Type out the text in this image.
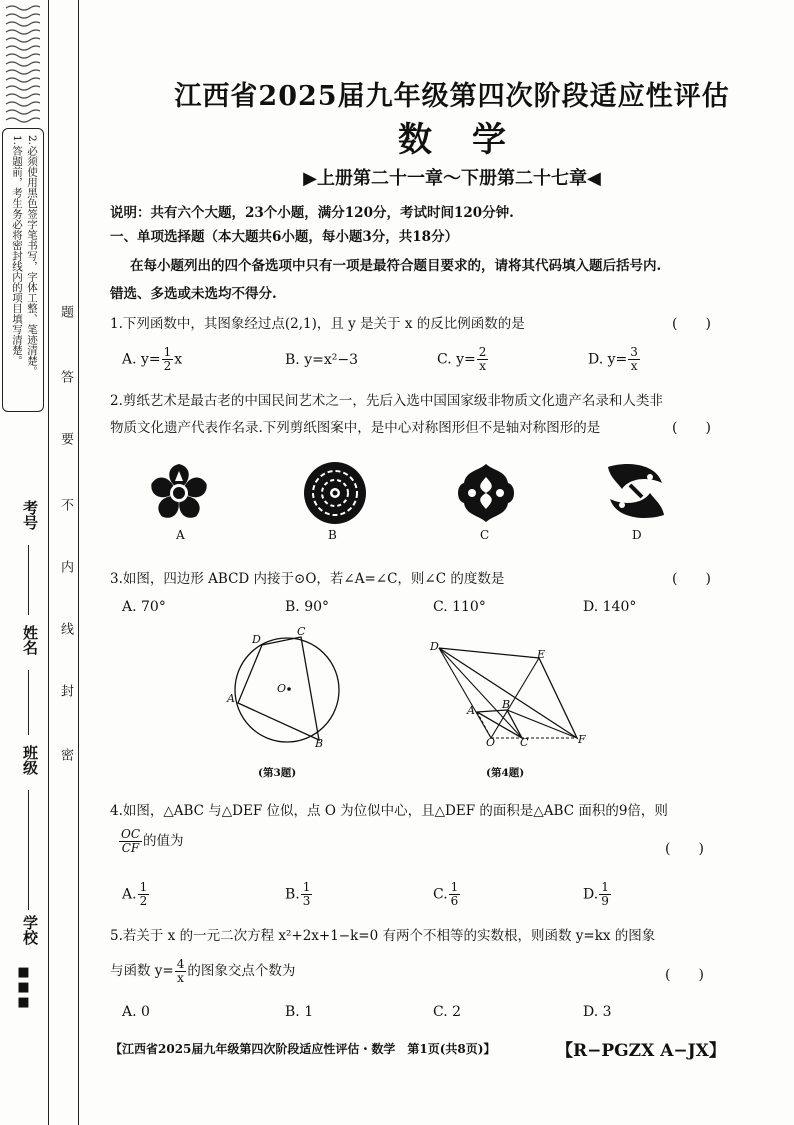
1.答题前，考生务必将密封线内的项目填写清楚。 2.必须使用黑色签字笔书写，字体工整、笔迹清楚。
考号
姓名
班级
学校
■■■
题
答
要
不
内
线
封
密
江西省2025届九年级第四次阶段适应性评估
数学
▶上册第二十一章～下册第二十七章◀
说明：共有六个大题，23个小题，满分120分，考试时间120分钟.
一、单项选择题（本大题共6小题，每小题3分，共18分）
在每小题列出的四个备选项中只有一项是最符合题目要求的，请将其代码填入题后括号内.
错选、多选或未选均不得分.
1.下列函数中，其图象经过点(2,1)，且 y 是关于 x 的反比例函数的是	(　　)
A. $y= \frac{1}{2}$ x	B. y=x²−3	C. $y= \frac{2}{x}$	D. $y= \frac{3}{x}$
2.剪纸艺术是最古老的中国民间艺术之一，先后入选中国国家级非物质文化遗产名录和人类非
物质文化遗产代表作名录.下列剪纸图案中，是中心对称图形但不是轴对称图形的是	(　　)
A	B	C	D
3.如图，四边形 ABCD 内接于⊙O，若∠A=∠C，则∠C 的度数是	(　　)
A. 70°	B. 90°	C. 110°	D. 140°
D
C
A
B
O
(第3题)
D
E
A B
O C	F
(第4题)
4.如图，△ABC 与△DEF 位似，点 O 为位似中心，且△DEF 的面积是△ABC 面积的9倍，则
$\frac{OC}{CF}$ 的值为	(　　)
A. $\frac{1}{2}$	B. $\frac{1}{3}$	C. $\frac{1}{6}$	D. $\frac{1}{9}$
5.若关于 x 的一元二次方程 x²+2x+1−k=0 有两个不相等的实数根，则函数 y=kx 的图象
与函数 $y= \frac{4}{x}$ 的图象交点个数为	(　　)
A. 0	B. 1	C. 2	D. 3
【江西省2025届九年级第四次阶段适应性评估・数学　第1页(共8页)】	【R−PGZX A−JX】
